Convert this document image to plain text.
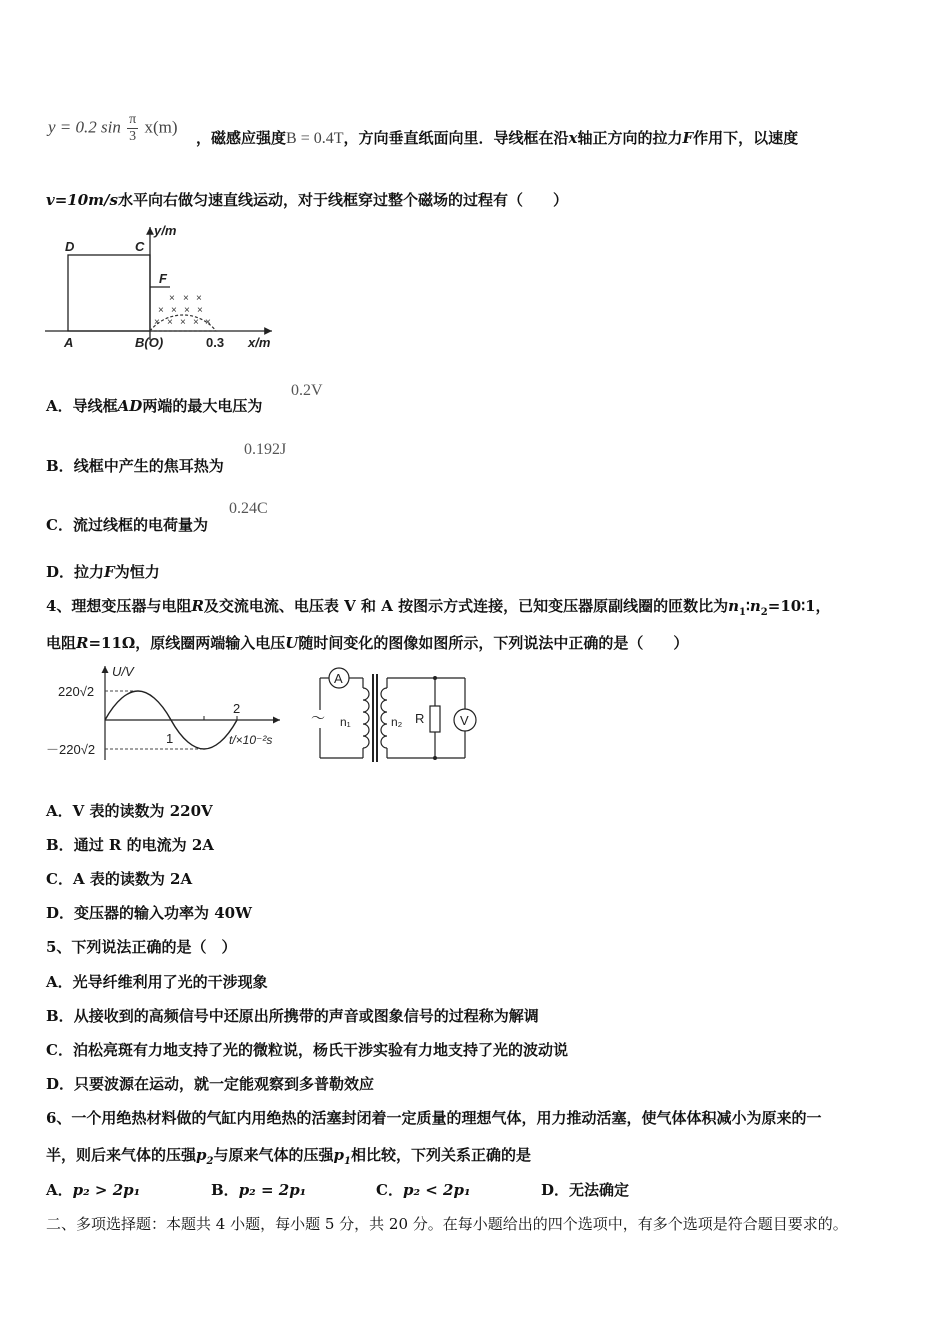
y = 0.2 $\sin \frac{\pi}{3} x(m)$
，磁感应强度B = 0.4T，方向垂直纸面向里．导线框在沿x轴正方向的拉力F作用下，以速度
v=10m/s水平向右做匀速直线运动，对于线框穿过整个磁场的过程有（　　）
× × ×
× × × ×
× × × × ×
D	C
F
A	B(O)
y/m
x/m
0.3
A．导线框AD两端的最大电压为
0.2V
B．线框中产生的焦耳热为
0.192J
C．流过线框的电荷量为
0.24C
D．拉力F为恒力
4、理想变压器与电阻R及交流电流、电压表 V 和 A 按图示方式连接，已知变压器原副线圈的匝数比为$n_1∶n_2=10∶1$，
电阻R=11Ω，原线圈两端输入电压U随时间变化的图像如图所示，下列说法中正确的是（　　）
U/V
220√2
－220√2
1
2
t/×10⁻²s
A
～ n₁	n₂ R	V
A．V 表的读数为 220V
B．通过 R 的电流为 2A
C．A 表的读数为 2A
D．变压器的输入功率为 40W
5、下列说法正确的是（　）
A．光导纤维利用了光的干涉现象
B．从接收到的高频信号中还原出所携带的声音或图象信号的过程称为解调
C．泊松亮斑有力地支持了光的微粒说，杨氏干涉实验有力地支持了光的波动说
D．只要波源在运动，就一定能观察到多普勒效应
6、一个用绝热材料做的气缸内用绝热的活塞封闭着一定质量的理想气体，用力推动活塞，使气体体积减小为原来的一
半，则后来气体的压强$p_2$与原来气体的压强$p_1$相比较，下列关系正确的是
A．p₂ > 2p₁	B．p₂ = 2p₁	C．p₂ < 2p₁	D．无法确定
二、多项选择题：本题共 4 小题，每小题 5 分，共 20 分。在每小题给出的四个选项中，有多个选项是符合题目要求的。
